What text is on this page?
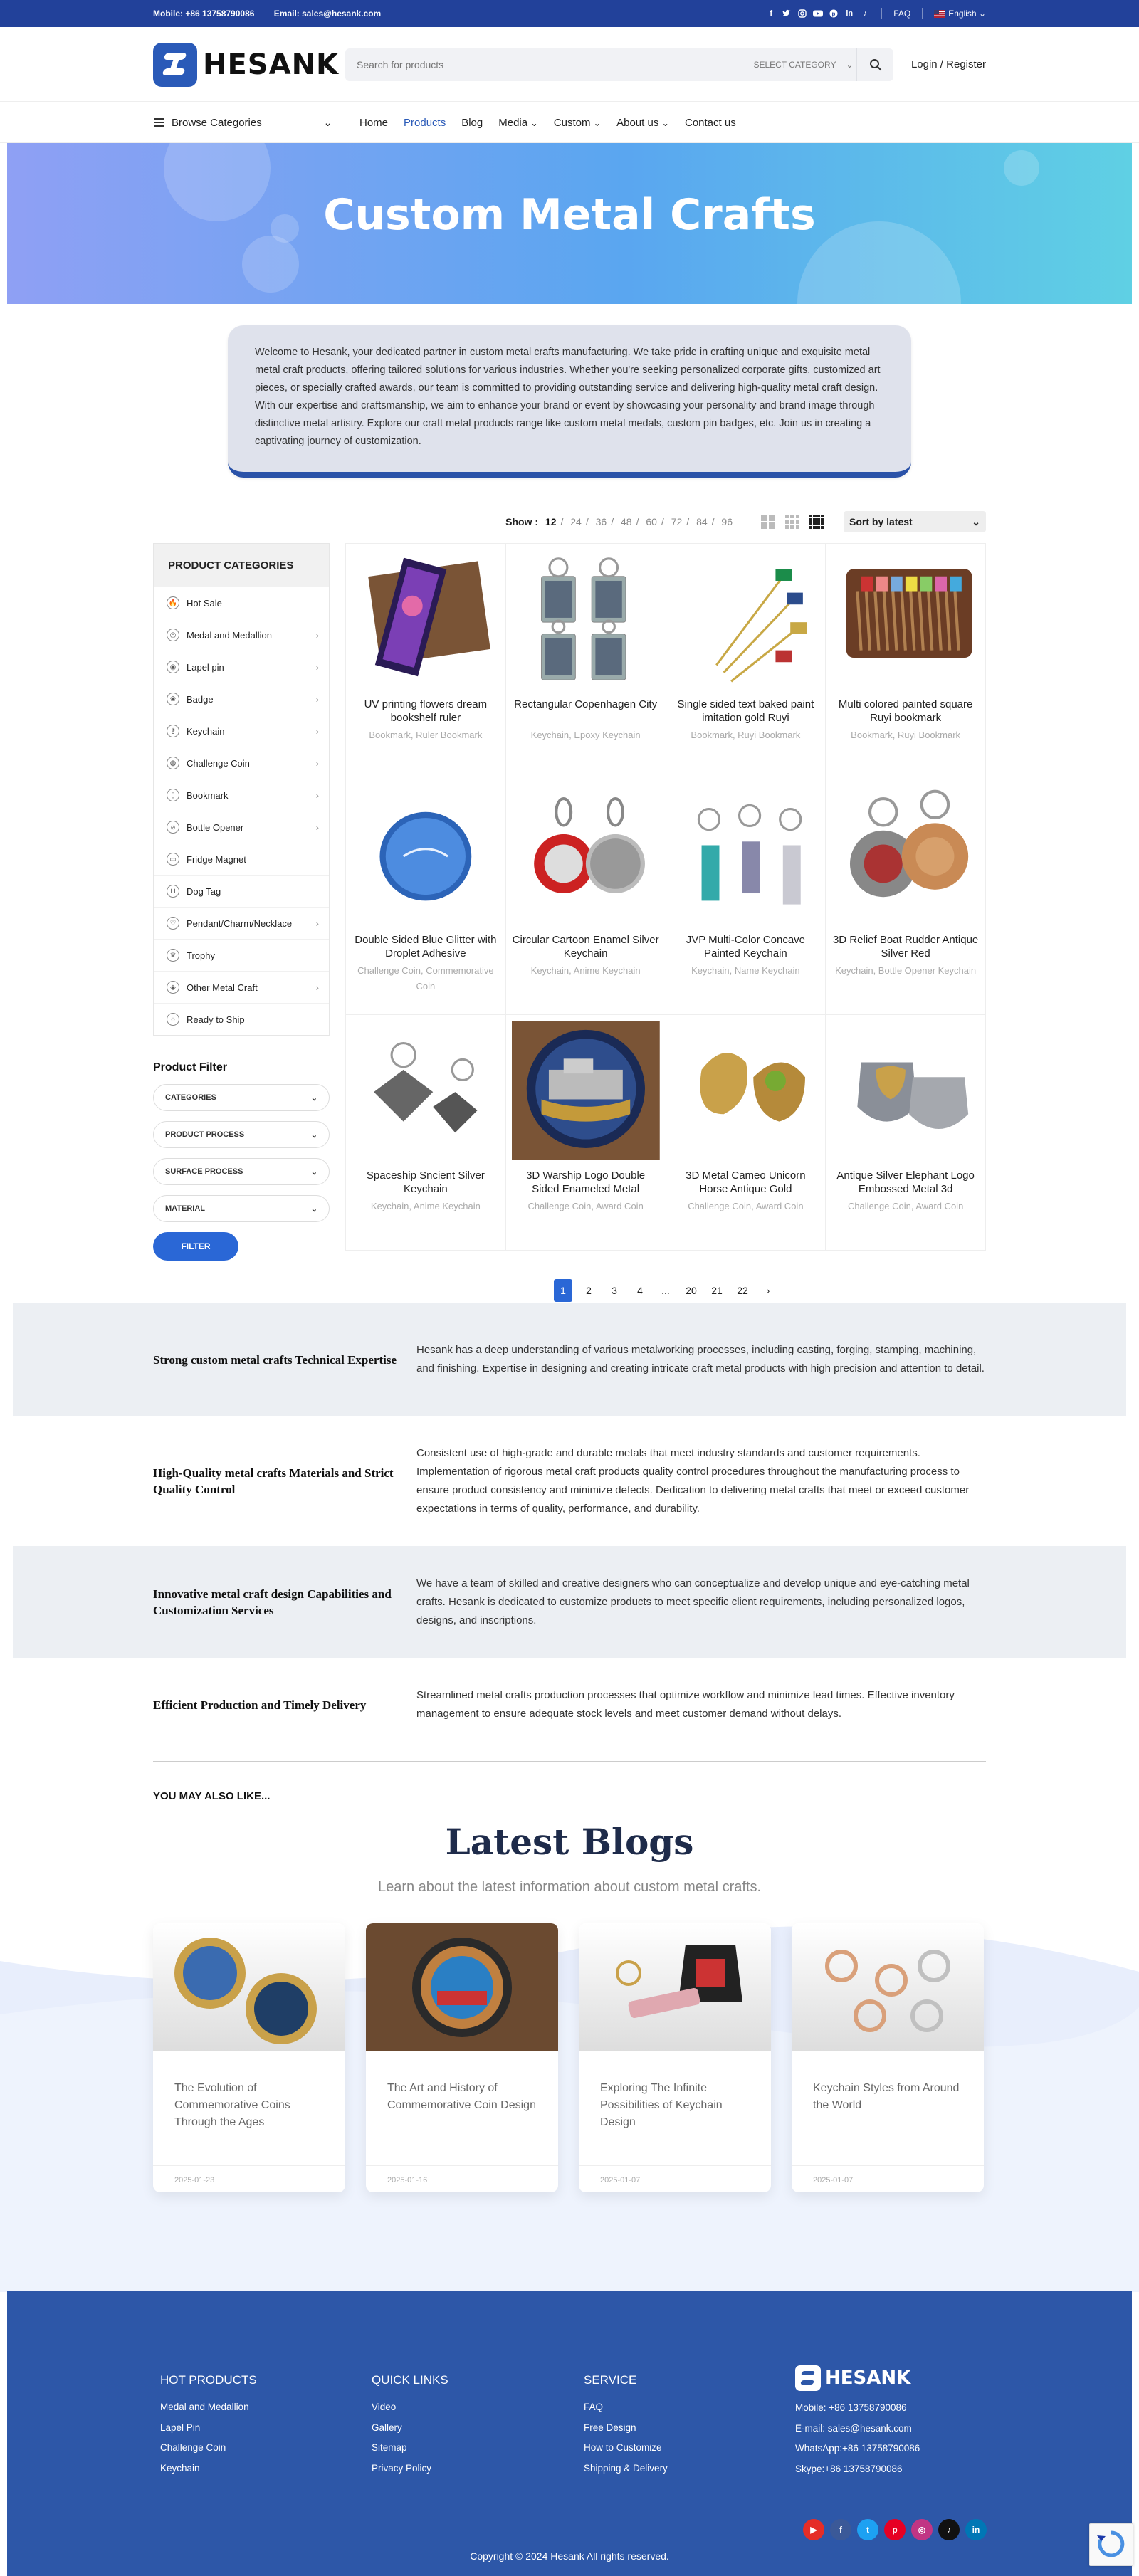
Mobile: +86 13758790086 Email: sales@hesank.com	f	p in	♪	FAQ	English ⌄
HESANK
Search for products	SELECT CATEGORY ⌄	Login / Register
Browse Categories	⌄	Home Products Blog Media ⌄ Custom ⌄ About us ⌄ Contact us
Custom Metal Crafts
Welcome to Hesank, your dedicated partner in custom metal crafts manufacturing. We take pride in crafting unique and exquisite metal metal craft products, offering tailored solutions for various industries. Whether you're seeking personalized corporate gifts, customized art pieces, or specially crafted awards, our team is committed to providing outstanding service and delivering high-quality metal craft design. With our expertise and craftsmanship, we aim to enhance your brand or event by showcasing your personality and brand image through distinctive metal artistry. Explore our craft metal products range like custom metal medals, custom pin badges, etc. Join us in creating a captivating journey of customization.
Show : 12 / 24 / 36 / 48 / 60 / 72 / 84 / 96	Sort by latest	⌄
PRODUCT CATEGORIES
🔥 Hot Sale
◎	Medal and Medallion	›
◉	Lapel pin	›
❀	Badge	›
⚷	Keychain	›
◍	Challenge Coin	›
▯	Bookmark	›
⌀	Bottle Opener	›
▭	Fridge Magnet
⊔	Dog Tag
♡	Pendant/Charm/Necklace	›
♛	Trophy
◈	Other Metal Craft	›
◌	Ready to Ship
Product Filter
CATEGORIES	⌄
PRODUCT PROCESS	⌄
SURFACE PROCESS	⌄
MATERIAL	⌄
FILTER
UV printing flowers dream bookshelf ruler
Bookmark, Ruler Bookmark
Rectangular Copenhagen City
Keychain, Epoxy Keychain
Single sided text baked paint imitation gold Ruyi
Bookmark, Ruyi Bookmark
Multi colored painted square Ruyi bookmark
Bookmark, Ruyi Bookmark
Double Sided Blue Glitter with Droplet Adhesive
Challenge Coin, Commemorative Coin
Circular Cartoon Enamel Silver Keychain
Keychain, Anime Keychain
JVP Multi-Color Concave Painted Keychain
Keychain, Name Keychain
3D Relief Boat Rudder Antique Silver Red
Keychain, Bottle Opener Keychain
Spaceship Sncient Silver Keychain
Keychain, Anime Keychain
3D Warship Logo Double Sided Enameled Metal
Challenge Coin, Award Coin
3D Metal Cameo Unicorn Horse Antique Gold
Challenge Coin, Award Coin
Antique Silver Elephant Logo Embossed Metal 3d
Challenge Coin, Award Coin
1	2	3	4	...	20	21	22	›
Strong custom metal crafts Technical Expertise

Hesank has a deep understanding of various metalworking processes, including casting, forging, stamping, machining, and finishing. Expertise in designing and creating intricate craft metal products with high precision and attention to detail.

High-Quality metal crafts Materials and Strict Quality Control

Consistent use of high-grade and durable metals that meet industry standards and customer requirements. Implementation of rigorous metal craft products quality control procedures throughout the manufacturing process to ensure product consistency and minimize defects. Dedication to delivering metal crafts that meet or exceed customer expectations in terms of quality, performance, and durability.

Innovative metal craft design Capabilities and Customization Services

We have a team of skilled and creative designers who can conceptualize and develop unique and eye-catching metal crafts. Hesank is dedicated to customize products to meet specific client requirements, including personalized logos, designs, and inscriptions.

Efficient Production and Timely Delivery

Streamlined metal crafts production processes that optimize workflow and minimize lead times. Effective inventory management to ensure adequate stock levels and meet customer demand without delays.

YOU MAY ALSO LIKE...
Latest Blogs
Learn about the latest information about custom metal crafts.
The Evolution of Commemorative Coins Through the Ages
2025-01-23
The Art and History of Commemorative Coin Design
2025-01-16
Exploring The Infinite Possibilities of Keychain Design
2025-01-07
Keychain Styles from Around the World
2025-01-07
HOT PRODUCTS
Medal and Medallion
Lapel Pin
Challenge Coin
Keychain
QUICK LINKS
Video
Gallery
Sitemap
Privacy Policy
SERVICE
FAQ
Free Design
How to Customize
Shipping & Delivery
HESANK
Mobile: +86 13758790086
E-mail: sales@hesank.com
WhatsApp:+86 13758790086
Skype:+86 13758790086
▶	f	t	p	◎	♪	in
Copyright © 2024 Hesank All rights reserved.
